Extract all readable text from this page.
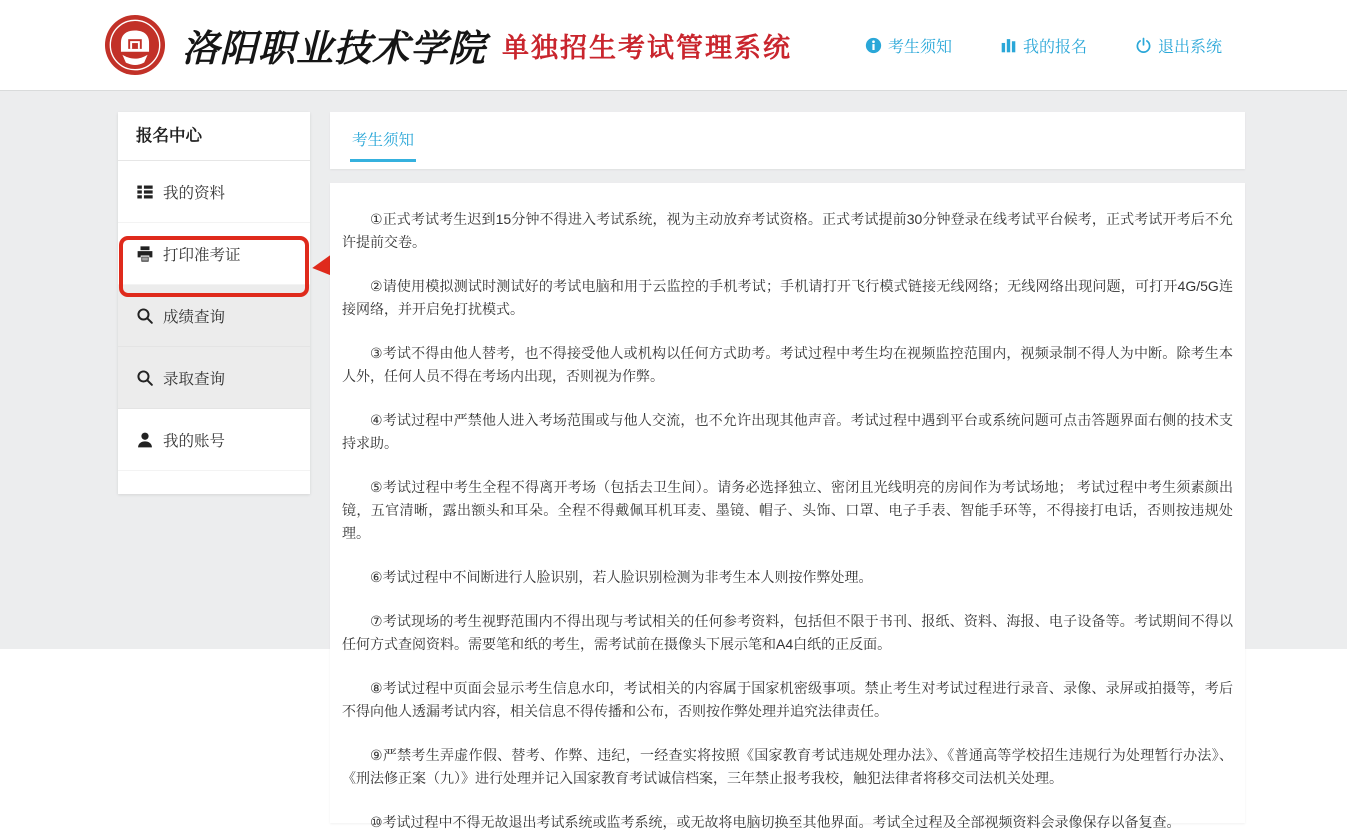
洛阳职业技术学院 单独招生考试管理系统	考生须知	我的报名	退出系统
报名中心
我的资料
打印准考证
成绩查询
录取查询
我的账号
考生须知

①正式考试考生迟到15分钟不得进入考试系统，视为主动放弃考试资格。正式考试提前30分钟登录在线考试平台候考，正式考试开考后不允许提前交卷。

②请使用模拟测试时测试好的考试电脑和用于云监控的手机考试；手机请打开飞行模式链接无线网络；无线网络出现问题，可打开4G/5G连接网络，并开启免打扰模式。

③考试不得由他人替考，也不得接受他人或机构以任何方式助考。考试过程中考生均在视频监控范围内，视频录制不得人为中断。除考生本人外，任何人员不得在考场内出现，否则视为作弊。

④考试过程中严禁他人进入考场范围或与他人交流，也不允许出现其他声音。考试过程中遇到平台或系统问题可点击答题界面右侧的技术支持求助。

⑤考试过程中考生全程不得离开考场（包括去卫生间）。请务必选择独立、密闭且光线明亮的房间作为考试场地； 考试过程中考生须素颜出镜，五官清晰，露出额头和耳朵。全程不得戴佩耳机耳麦、墨镜、帽子、头饰、口罩、电子手表、智能手环等，不得接打电话，否则按违规处理。

⑥考试过程中不间断进行人脸识别，若人脸识别检测为非考生本人则按作弊处理。

⑦考试现场的考生视野范围内不得出现与考试相关的任何参考资料，包括但不限于书刊、报纸、资料、海报、电子设备等。考试期间不得以任何方式查阅资料。需要笔和纸的考生，需考试前在摄像头下展示笔和A4白纸的正反面。

⑧考试过程中页面会显示考生信息水印，考试相关的内容属于国家机密级事项。禁止考生对考试过程进行录音、录像、录屏或拍摄等，考后不得向他人透漏考试内容，相关信息不得传播和公布，否则按作弊处理并追究法律责任。

⑨严禁考生弄虚作假、替考、作弊、违纪，一经查实将按照《国家教育考试违规处理办法》、《普通高等学校招生违规行为处理暂行办法》、《刑法修正案（九）》进行处理并记入国家教育考试诚信档案，三年禁止报考我校，触犯法律者将移交司法机关处理。

⑩考试过程中不得无故退出考试系统或监考系统，或无故将电脑切换至其他界面。考试全过程及全部视频资料会录像保存以备复查。
